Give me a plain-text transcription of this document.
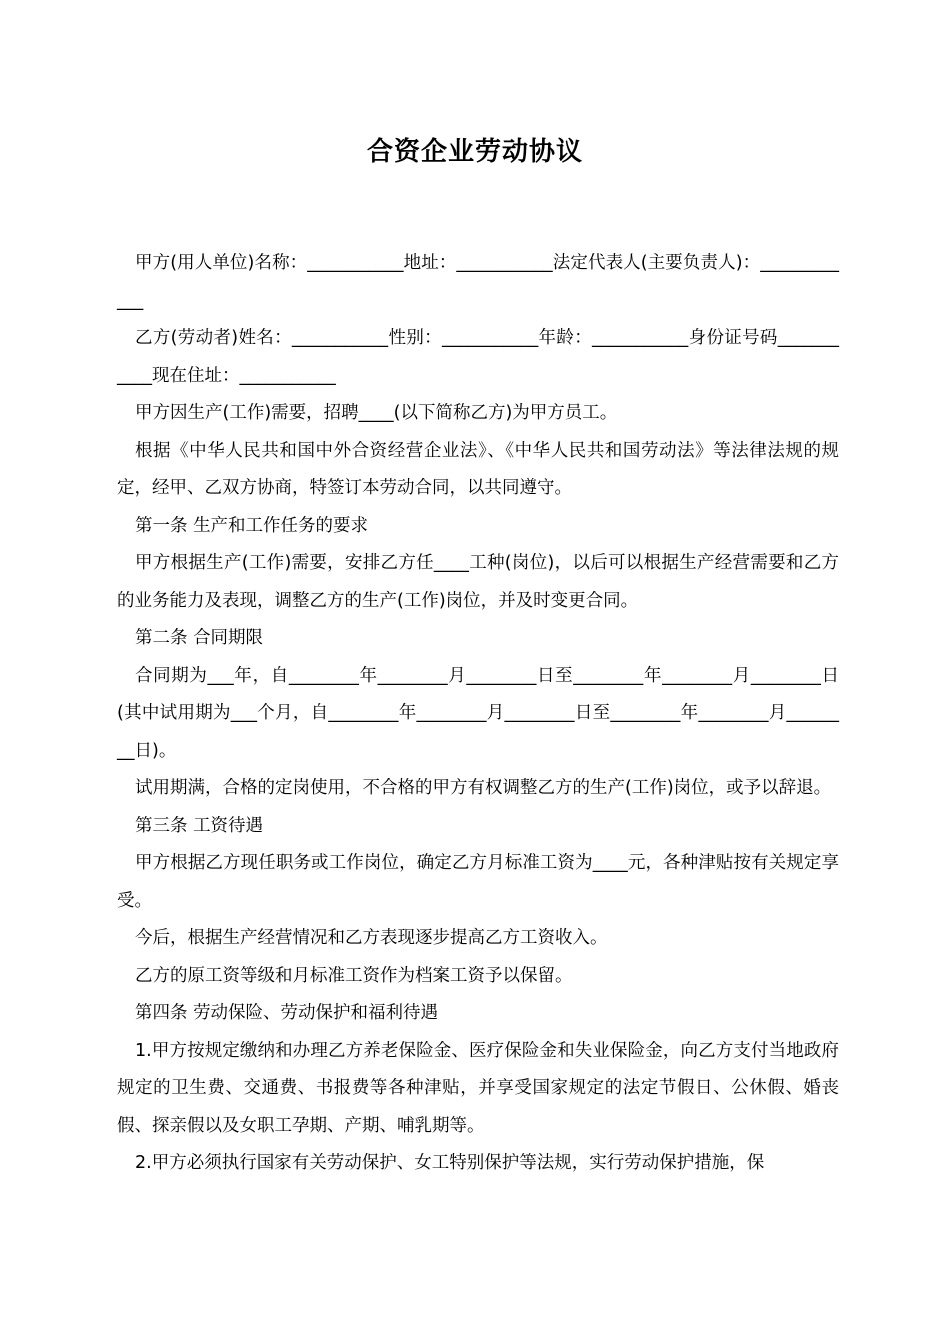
合资企业劳动协议

甲方(用人单位)名称：___________地址：___________法定代表人(主要负责人)：____________

乙方(劳动者)姓名：___________性别：___________年龄：___________身份证号码___________现在住址：___________

甲方因生产(工作)需要，招聘____(以下简称乙方)为甲方员工。

根据《中华人民共和国中外合资经营企业法》、《中华人民共和国劳动法》等法律法规的规定，经甲、乙双方协商，特签订本劳动合同，以共同遵守。

第一条 生产和工作任务的要求

甲方根据生产(工作)需要，安排乙方任____工种(岗位)，以后可以根据生产经营需要和乙方的业务能力及表现，调整乙方的生产(工作)岗位，并及时变更合同。

第二条 合同期限

合同期为___年，自________年________月________日至________年________月________日(其中试用期为___个月，自________年________月________日至________年________月________日)。

试用期满，合格的定岗使用，不合格的甲方有权调整乙方的生产(工作)岗位，或予以辞退。

第三条 工资待遇

甲方根据乙方现任职务或工作岗位，确定乙方月标准工资为____元，各种津贴按有关规定享受。

今后，根据生产经营情况和乙方表现逐步提高乙方工资收入。

乙方的原工资等级和月标准工资作为档案工资予以保留。

第四条 劳动保险、劳动保护和福利待遇

1.甲方按规定缴纳和办理乙方养老保险金、医疗保险金和失业保险金，向乙方支付当地政府规定的卫生费、交通费、书报费等各种津贴，并享受国家规定的法定节假日、公休假、婚丧假、探亲假以及女职工孕期、产期、哺乳期等。

2.甲方必须执行国家有关劳动保护、女工特别保护等法规，实行劳动保护措施，保
